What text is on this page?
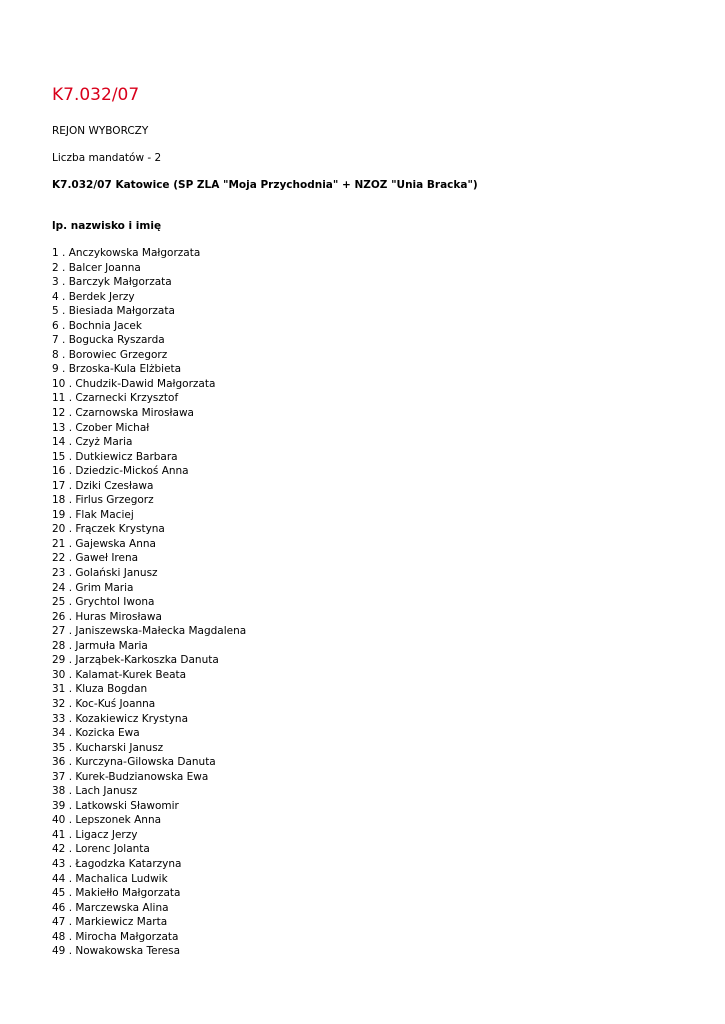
K7.032/07
REJON WYBORCZY
Liczba mandatów - 2
K7.032/07 Katowice (SP ZLA "Moja Przychodnia" + NZOZ "Unia Bracka")
lp. nazwisko i imię
1 . Anczykowska Małgorzata
2 . Balcer Joanna
3 . Barczyk Małgorzata
4 . Berdek Jerzy
5 . Biesiada Małgorzata
6 . Bochnia Jacek
7 . Bogucka Ryszarda
8 . Borowiec Grzegorz
9 . Brzoska-Kula Elżbieta
10 . Chudzik-Dawid Małgorzata
11 . Czarnecki Krzysztof
12 . Czarnowska Mirosława
13 . Czober Michał
14 . Czyż Maria
15 . Dutkiewicz Barbara
16 . Dziedzic-Mickoś Anna
17 . Dziki Czesława
18 . Firlus Grzegorz
19 . Flak Maciej
20 . Frączek Krystyna
21 . Gajewska Anna
22 . Gaweł Irena
23 . Golański Janusz
24 . Grim Maria
25 . Grychtol Iwona
26 . Huras Mirosława
27 . Janiszewska-Małecka Magdalena
28 . Jarmuła Maria
29 . Jarząbek-Karkoszka Danuta
30 . Kalamat-Kurek Beata
31 . Kluza Bogdan
32 . Koc-Kuś Joanna
33 . Kozakiewicz Krystyna
34 . Kozicka Ewa
35 . Kucharski Janusz
36 . Kurczyna-Gilowska Danuta
37 . Kurek-Budzianowska Ewa
38 . Lach Janusz
39 . Latkowski Sławomir
40 . Lepszonek Anna
41 . Ligacz Jerzy
42 . Lorenc Jolanta
43 . Łagodzka Katarzyna
44 . Machalica Ludwik
45 . Makiełło Małgorzata
46 . Marczewska Alina
47 . Markiewicz Marta
48 . Mirocha Małgorzata
49 . Nowakowska Teresa
